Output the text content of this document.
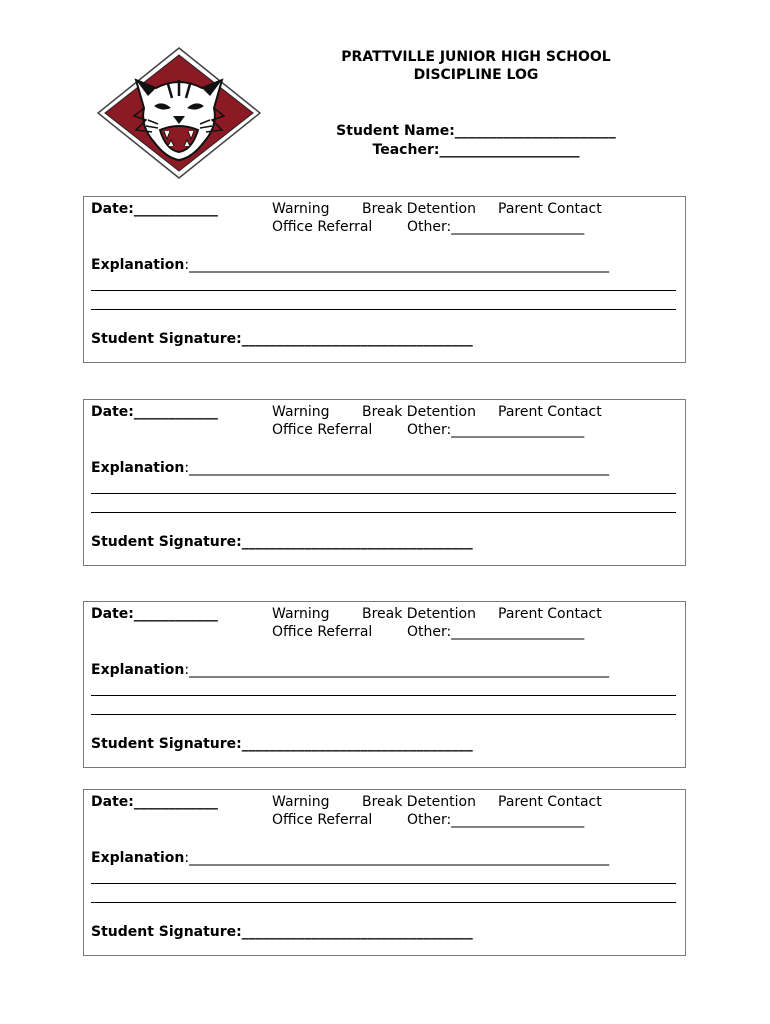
PRATTVILLE JUNIOR HIGH SCHOOL
DISCIPLINE LOG
Student Name:_______________________
Teacher:____________________
Date:____________	Warning Break Detention Parent Contact
Office Referral Other:___________________
Explanation:____________________________________________________________
Student Signature:_________________________________
Date:____________	Warning Break Detention Parent Contact
Office Referral Other:___________________
Explanation:____________________________________________________________
Student Signature:_________________________________
Date:____________	Warning Break Detention Parent Contact
Office Referral Other:___________________
Explanation:____________________________________________________________
Student Signature:_________________________________
Date:____________	Warning Break Detention Parent Contact
Office Referral Other:___________________
Explanation:____________________________________________________________
Student Signature:_________________________________
